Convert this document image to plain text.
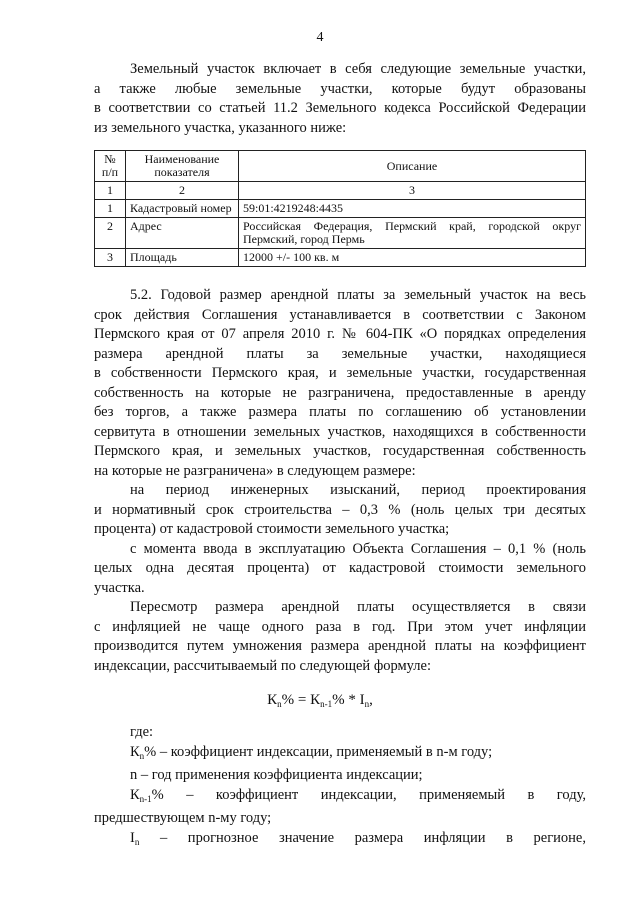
4
Земельный участок включает в себя следующие земельные участки,
а также любые земельные участки, которые будут образованы
в соответствии со статьей 11.2 Земельного кодекса Российской Федерации
из земельного участка, указанного ниже:
№ п/п	Наименование показателя	Описание
1	2	3
1	Кадастровый номер	59:01:4219248:4435
2	Адрес	Российская Федерация, Пермский край, городской округ Пермский, город Пермь
3	Площадь	12000 +/- 100 кв. м
5.2. Годовой размер арендной платы за земельный участок на весь
срок действия Соглашения устанавливается в соответствии с Законом
Пермского края от 07 апреля 2010 г. № 604-ПК «О порядках определения
размера арендной платы за земельные участки, находящиеся
в собственности Пермского края, и земельные участки, государственная
собственность на которые не разграничена, предоставленные в аренду
без торгов, а также размера платы по соглашению об установлении
сервитута в отношении земельных участков, находящихся в собственности
Пермского края, и земельных участков, государственная собственность
на которые не разграничена» в следующем размере:
на период инженерных изысканий, период проектирования
и нормативный срок строительства – 0,3 % (ноль целых три десятых
процента) от кадастровой стоимости земельного участка;
с момента ввода в эксплуатацию Объекта Соглашения – 0,1 % (ноль
целых одна десятая процента) от кадастровой стоимости земельного
участка.
Пересмотр размера арендной платы осуществляется в связи
с инфляцией не чаще одного раза в год. При этом учет инфляции
производится путем умножения размера арендной платы на коэффициент
индексации, рассчитываемый по следующей формуле:
$К_n\% = К_{n-1}\% * I_n$,
где:
$К_n\%$ – коэффициент индексации, применяемый в n-м году;
n – год применения коэффициента индексации;
$К_{n-1}\%$ – коэффициент индексации, применяемый в году,
предшествующем n-му году;
$I_n$ – прогнозное значение размера инфляции в регионе,
